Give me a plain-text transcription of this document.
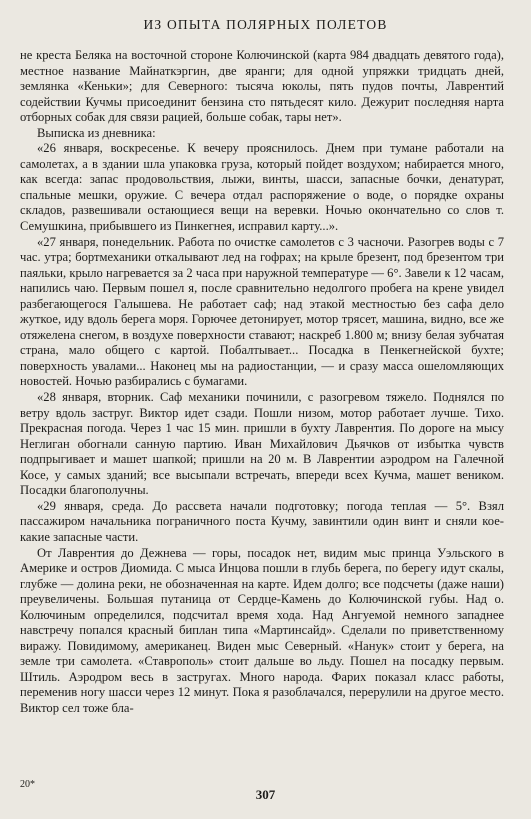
ИЗ ОПЫТА ПОЛЯРНЫХ ПОЛЕТОВ

не креста Беляка на восточной стороне Колючинской (карта 984 двадцать девятого года), местное название Майнаткэргин, две яранги; для одной упряжки тридцать дней, землянка «Кеньки»; для Северного: тысяча юколы, пять пудов почты, Лаврентий содействии Кучмы присоединит бензина сто пятьдесят кило. Дежурит последняя нарта отборных собак для связи рацией, больше собак, тары нет».

Выписка из дневника:

«26 января, воскресенье. К вечеру прояснилось. Днем при тумане работали на самолетах, а в здании шла упаковка груза, который пойдет воздухом; набирается много, как всегда: запас продовольствия, лыжи, винты, шасси, запасные бочки, денатурат, спальные мешки, оружие. С вечера отдал распоряжение о воде, о порядке охраны складов, развешивали остающиеся вещи на веревки. Ночью окончательно со слов т. Семушкина, прибывшего из Пинкегнея, исправил карту...».

«27 января, понедельник. Работа по очистке самолетов с 3 часночи. Разогрев воды с 7 час. утра; бортмеханики откалывают лед на гофрах; на крыле брезент, под брезентом три паяльки, крыло нагревается за 2 часа при наружной температуре — 6°. Завели к 12 часам, напились чаю. Первым пошел я, после сравнительно недолгого пробега на крене увидел разбегающегося Галышева. Не работает саф; над этакой местностью без сафа дело жуткое, иду вдоль берега моря. Горючее детонирует, мотор трясет, машина, видно, все же отяжелена снегом, в воздухе поверхности ставают; наскреб 1.800 м; внизу белая зубчатая страна, мало общего с картой. Побалтывает... Посадка в Пенкегнейской бухте; поверхность увалами... Наконец мы на радиостанции, — и сразу масса ошеломляющих новостей. Ночью разбирались с бумагами.

«28 января, вторник. Саф механики починили, с разогревом тяжело. Поднялся по ветру вдоль заструг. Виктор идет сзади. Пошли низом, мотор работает лучше. Тихо. Прекрасная погода. Через 1 час 15 мин. пришли в бухту Лаврентия. По дороге на мысу Неглиган обогнали санную партию. Иван Михайлович Дьячков от избытка чувств подпрыгивает и машет шапкой; пришли на 20 м. В Лаврентии аэродром на Галечной Косе, у самых зданий; все высыпали встречать, впереди всех Кучма, машет веником. Посадки благополучны.

«29 января, среда. До рассвета начали подготовку; погода теплая — 5°. Взял пассажиром начальника пограничного поста Кучму, завинтили один винт и сняли кое-какие запасные части.

От Лаврентия до Дежнева — горы, посадок нет, видим мыс принца Уэльского в Америке и остров Диомида. С мыса Инцова пошли в глубь берега, по берегу идут скалы, глубже — долина реки, не обозначенная на карте. Идем долго; все подсчеты (даже наши) преувеличены. Большая путаница от Сердце-Камень до Колючинской губы. Над о. Колючиным определился, подсчитал время хода. Над Ангуемой немного западнее навстречу попался красный биплан типа «Мартинсайд». Сделали по приветственному виражу. Повидимому, американец. Виден мыс Северный. «Нанук» стоит у берега, на земле три самолета. «Ставрополь» стоит дальше во льду. Пошел на посадку первым. Штиль. Аэродром весь в застругах. Много народа. Фарих показал класс работы, переменив ногу шасси через 12 минут. Пока я разоблачался, перерулили на другое место. Виктор сел тоже бла-

20*
307
